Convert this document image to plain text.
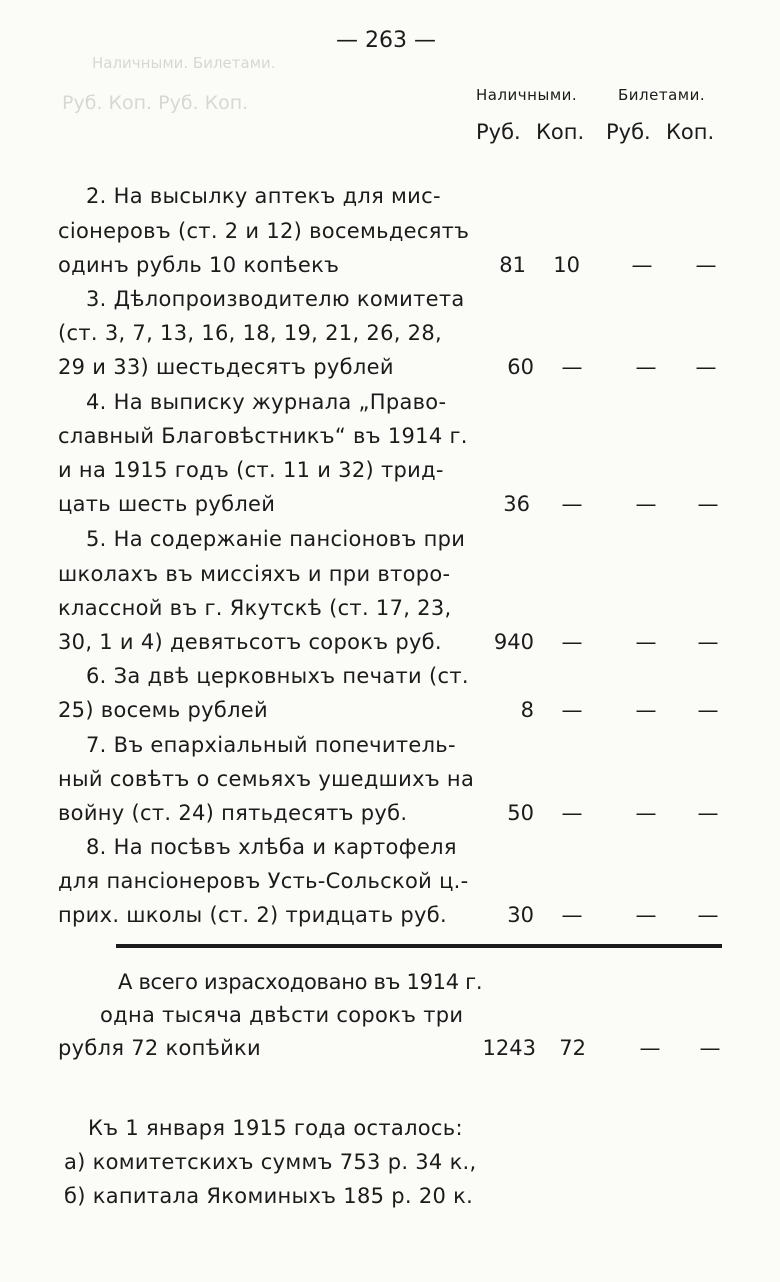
Наличными. Билетами.
Руб. Коп. Руб. Коп.
— 263 —
Наличными.	Билетами.
Руб. Коп. Руб. Коп.
2. На высылку аптекъ для мис-
сіонеровъ (ст. 2 и 12) восемьдесятъ
одинъ рубль 10 копѣекъ	81	10	—	—
3. Дѣлопроизводителю комитета
(ст. 3, 7, 13, 16, 18, 19, 21, 26, 28,
29 и 33) шестьдесятъ рублей	60	—	—	—
4. На выписку журнала „Право-
славный Благовѣстникъ“ въ 1914 г.
и на 1915 годъ (ст. 11 и 32) трид-
цать шесть рублей	36	—	—	—
5. На содержаніе пансіоновъ при
школахъ въ миссіяхъ и при второ-
классной въ г. Якутскѣ (ст. 17, 23,
30, 1 и 4) девятьсотъ сорокъ руб.	940	—	—	—
6. За двѣ церковныхъ печати (ст.
25) восемь рублей	8	—	—	—
7. Въ епархіальный попечитель-
ный совѣтъ о семьяхъ ушедшихъ на
войну (ст. 24) пятьдесятъ руб.	50	—	—	—
8. На посѣвъ хлѣба и картофеля
для пансіонеровъ Усть-Сольской ц.-
прих. школы (ст. 2) тридцать руб.	30	—	—	—
А всего израсходовано въ 1914 г.
одна тысяча двѣсти сорокъ три
рубля 72 копѣйки	1243	72	—	—
Къ 1 января 1915 года осталось:
а) комитетскихъ суммъ 753 р. 34 к.,
б) капитала Якоминыхъ 185 р. 20 к.
